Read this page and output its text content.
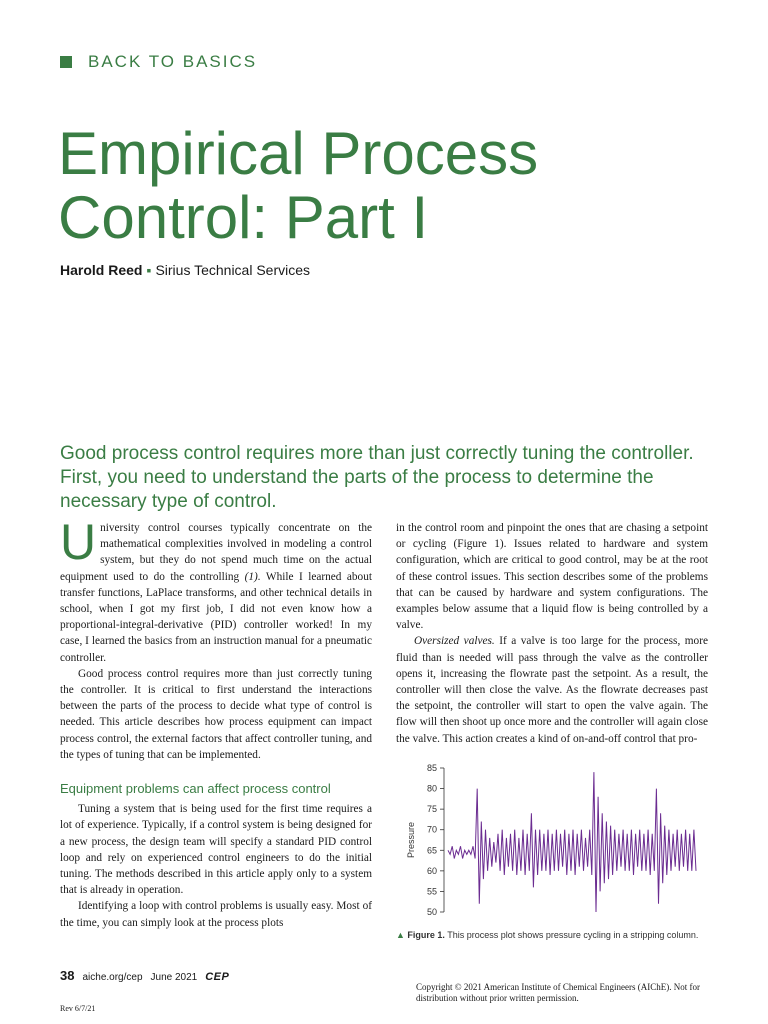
BACK TO BASICS
Empirical Process Control: Part I
Harold Reed ▪ Sirius Technical Services
Good process control requires more than just correctly tuning the controller. First, you need to understand the parts of the process to determine the necessary type of control.

University control courses typically concentrate on the mathematical complexities involved in modeling a control system, but they do not spend much time on the actual equipment used to do the controlling (1). While I learned about transfer functions, LaPlace transforms, and other technical details in school, when I got my first job, I did not even know how a proportional-integral-derivative (PID) controller worked! In my case, I learned the basics from an instruction manual for a pneumatic controller.

Good process control requires more than just correctly tuning the controller. It is critical to first understand the interactions between the parts of the process to decide what type of control is needed. This article describes how process equipment can impact process control, the external factors that affect controller tuning, and the types of tuning that can be implemented.

Equipment problems can affect process control

Tuning a system that is being used for the first time requires a lot of experience. Typically, if a control system is being designed for a new process, the design team will specify a standard PID control loop and rely on experienced control engineers to do the initial tuning. The methods described in this article apply only to a system that is already in operation.

Identifying a loop with control problems is usually easy. Most of the time, you can simply look at the process plots

in the control room and pinpoint the ones that are chasing a setpoint or cycling (Figure 1). Issues related to hardware and system configuration, which are critical to good control, may be at the root of these control issues. This section describes some of the problems that can be caused by hardware and system configurations. The examples below assume that a liquid flow is being controlled by a valve.

Oversized valves. If a valve is too large for the process, more fluid than is needed will pass through the valve as the controller opens it, increasing the flowrate past the setpoint. As a result, the controller will then close the valve. As the flowrate decreases past the setpoint, the controller will start to open the valve again. The flow will then shoot up once more and the controller will again close the valve. This action creates a kind of on-and-off control that pro-

85
80
75
70
65
60
55
50
Pressure
▲ Figure 1. This process plot shows pressure cycling in a stripping column.
38 aiche.org/cep June 2021 CEP
Copyright © 2021 American Institute of Chemical Engineers (AIChE). Not for distribution without prior written permission.
Rev 6/7/21
